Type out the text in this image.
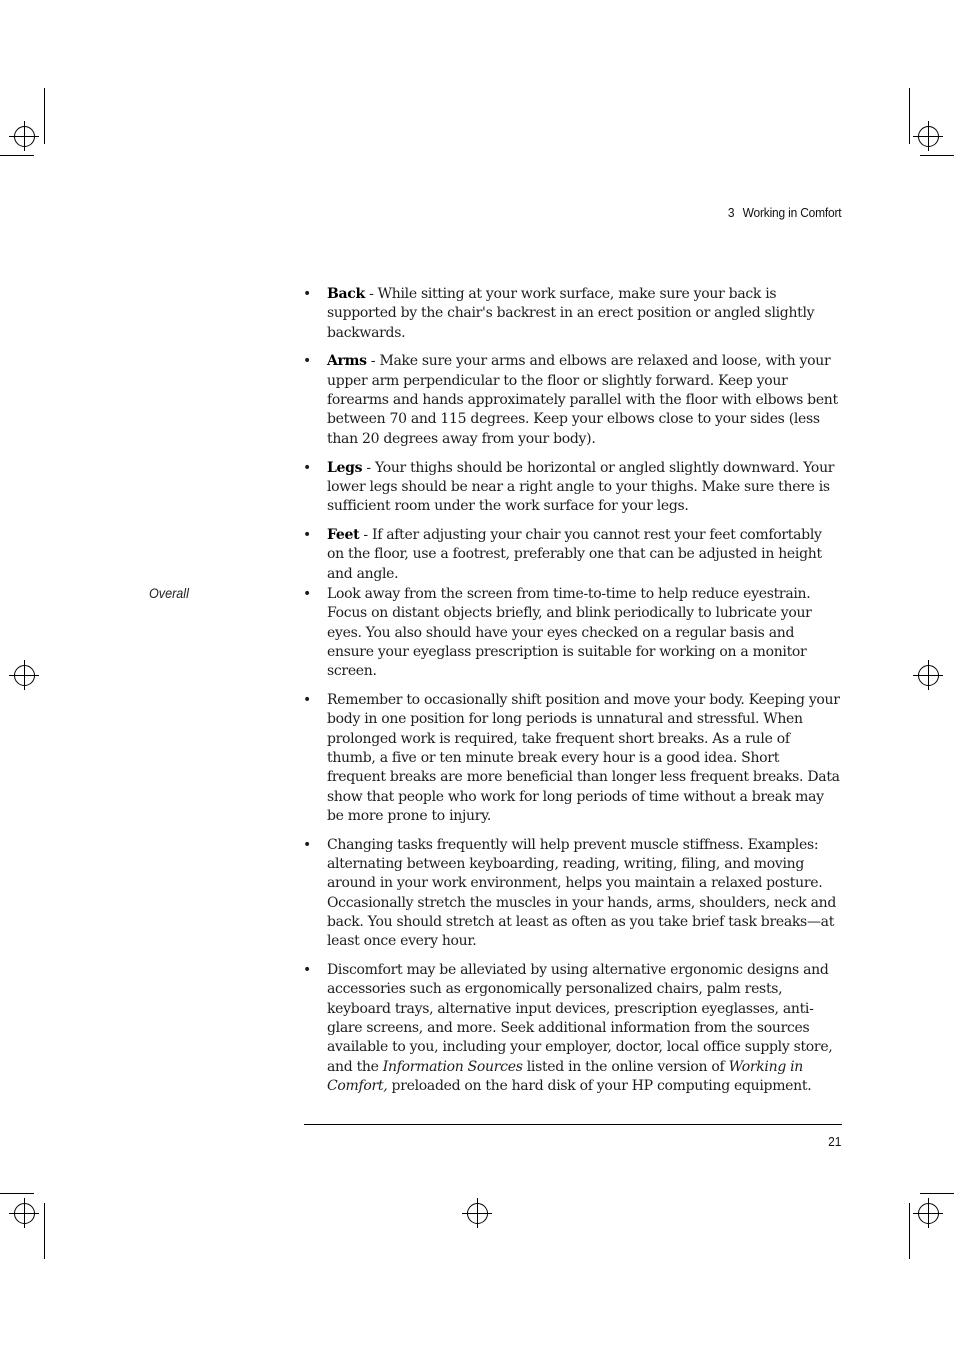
3 Working in Comfort
• Back - While sitting at your work surface, make sure your back is supported by the chair's backrest in an erect position or angled slightly backwards.
• Arms - Make sure your arms and elbows are relaxed and loose, with your upper arm perpendicular to the floor or slightly forward. Keep your forearms and hands approximately parallel with the floor with elbows bent between 70 and 115 degrees. Keep your elbows close to your sides (less than 20 degrees away from your body).
• Legs - Your thighs should be horizontal or angled slightly downward. Your lower legs should be near a right angle to your thighs. Make sure there is sufficient room under the work surface for your legs.
• Feet - If after adjusting your chair you cannot rest your feet comfortably on the floor, use a footrest, preferably one that can be adjusted in height and angle.
Overall
•	Look away from the screen from time-to-time to help reduce eyestrain. Focus on distant objects briefly, and blink periodically to lubricate your eyes. You also should have your eyes checked on a regular basis and ensure your eyeglass prescription is suitable for working on a monitor screen.
• Remember to occasionally shift position and move your body. Keeping your body in one position for long periods is unnatural and stressful. When prolonged work is required, take frequent short breaks. As a rule of thumb, a five or ten minute break every hour is a good idea. Short frequent breaks are more beneficial than longer less frequent breaks. Data show that people who work for long periods of time without a break may be more prone to injury.
• Changing tasks frequently will help prevent muscle stiffness. Examples: alternating between keyboarding, reading, writing, filing, and moving around in your work environment, helps you maintain a relaxed posture. Occasionally stretch the muscles in your hands, arms, shoulders, neck and back. You should stretch at least as often as you take brief task breaks—at least once every hour.
• Discomfort may be alleviated by using alternative ergonomic designs and accessories such as ergonomically personalized chairs, palm rests, keyboard trays, alternative input devices, prescription eyeglasses, anti-glare screens, and more. Seek additional information from the sources available to you, including your employer, doctor, local office supply store, and the Information Sources listed in the online version of Working in Comfort, preloaded on the hard disk of your HP computing equipment.
21
